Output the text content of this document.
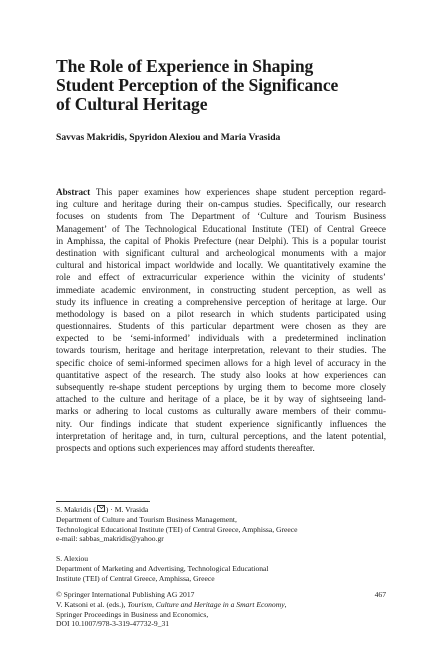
The Role of Experience in Shaping
Student Perception of the Significance
of Cultural Heritage
Savvas Makridis, Spyridon Alexiou and Maria Vrasida
Abstract This paper examines how experiences shape student perception regard-
ing culture and heritage during their on-campus studies. Specifically, our research
focuses on students from The Department of ‘Culture and Tourism Business
Management’ of The Technological Educational Institute (TEI) of Central Greece
in Amphissa, the capital of Phokis Prefecture (near Delphi). This is a popular tourist
destination with significant cultural and archeological monuments with a major
cultural and historical impact worldwide and locally. We quantitatively examine the
role and effect of extracurricular experience within the vicinity of students’
immediate academic environment, in constructing student perception, as well as
study its influence in creating a comprehensive perception of heritage at large. Our
methodology is based on a pilot research in which students participated using
questionnaires. Students of this particular department were chosen as they are
expected to be ‘semi-informed’ individuals with a predetermined inclination
towards tourism, heritage and heritage interpretation, relevant to their studies. The
specific choice of semi-informed specimen allows for a high level of accuracy in the
quantitative aspect of the research. The study also looks at how experiences can
subsequently re-shape student perceptions by urging them to become more closely
attached to the culture and heritage of a place, be it by way of sightseeing land-
marks or adhering to local customs as culturally aware members of their commu-
nity. Our findings indicate that student experience significantly influences the
interpretation of heritage and, in turn, cultural perceptions, and the latent potential,
prospects and options such experiences may afford students thereafter.
S. Makridis ( ) · M. Vrasida
Department of Culture and Tourism Business Management,
Technological Educational Institute (TEI) of Central Greece, Amphissa, Greece
e-mail: sabbas_makridis@yahoo.gr
S. Alexiou
Department of Marketing and Advertising, Technological Educational
Institute (TEI) of Central Greece, Amphissa, Greece
© Springer International Publishing AG 2017	467
V. Katsoni et al. (eds.), Tourism, Culture and Heritage in a Smart Economy,
Springer Proceedings in Business and Economics,
DOI 10.1007/978-3-319-47732-9_31
